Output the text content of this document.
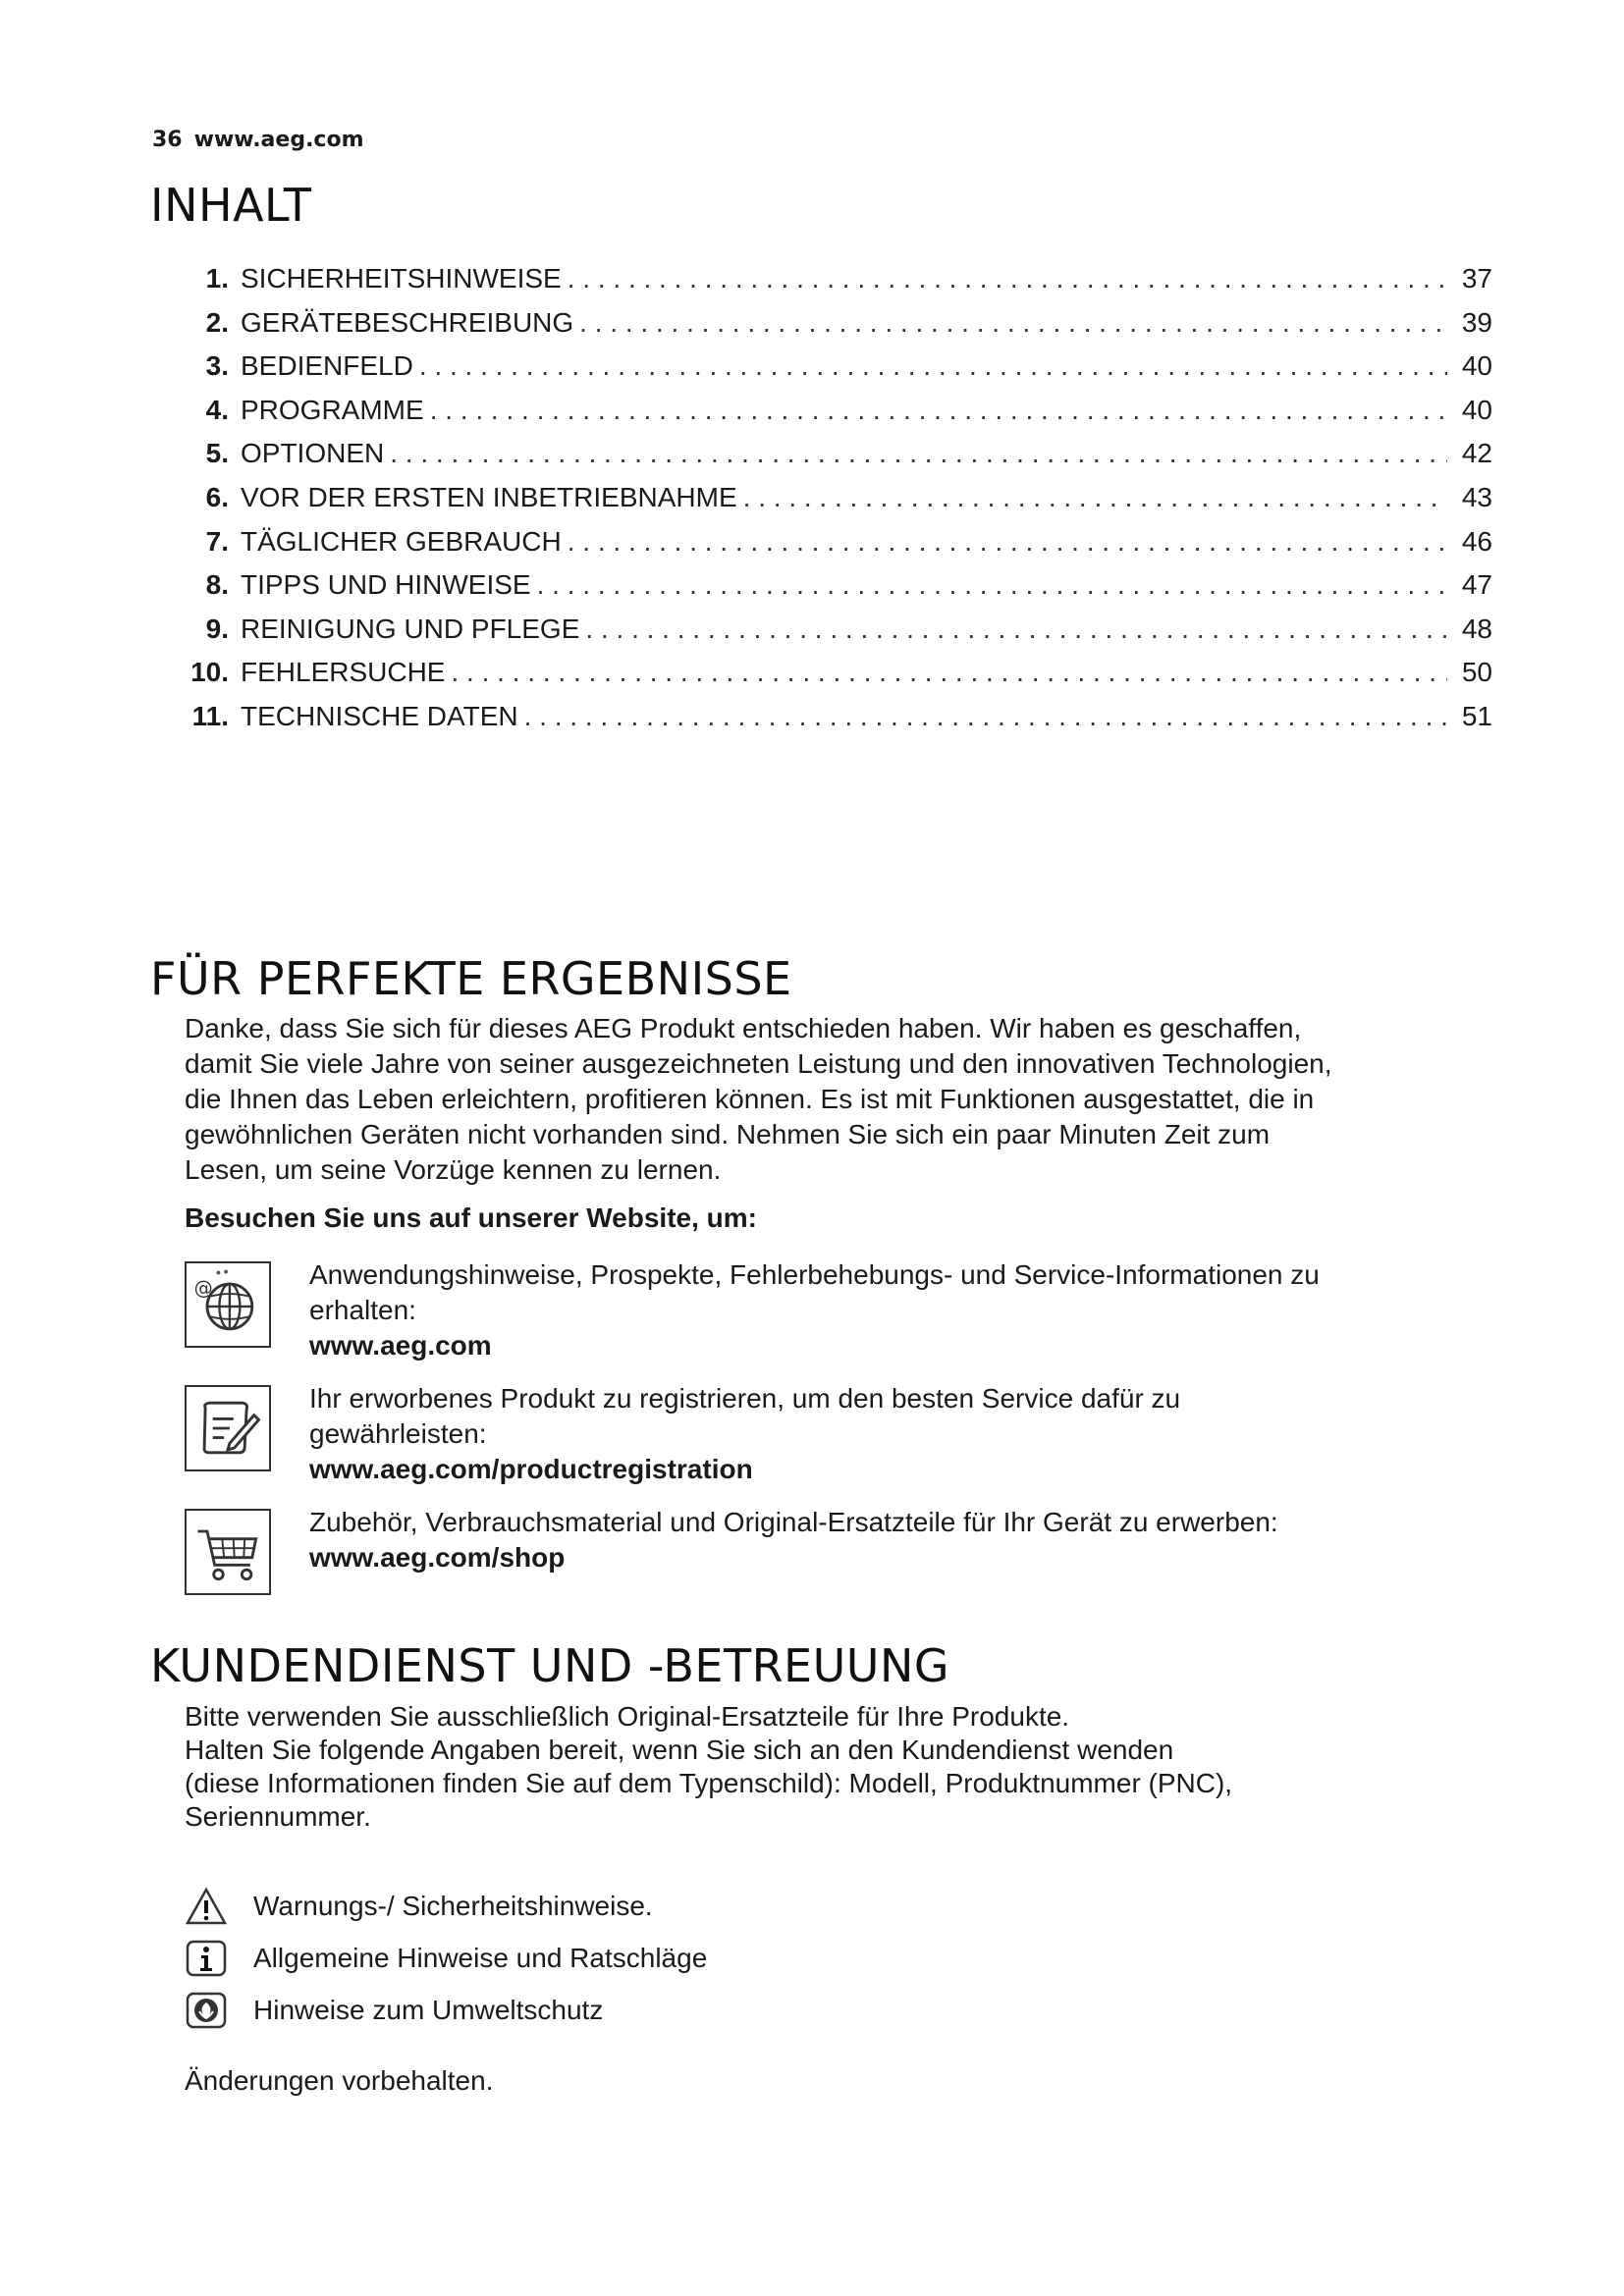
36 www.aeg.com
INHALT
1. SICHERHEITSHINWEISE . . .	37
2. GERÄTEBESCHREIBUNG . . .	39
3. BEDIENFELD . . .	40
4. PROGRAMME . . .	40
5. OPTIONEN . . .	42
6. VOR DER ERSTEN INBETRIEBNAHME . . .	43
7. TÄGLICHER GEBRAUCH . . .	46
8. TIPPS UND HINWEISE . . .	47
9. REINIGUNG UND PFLEGE . . .	48
10. FEHLERSUCHE . . .	50
11. TECHNISCHE DATEN . . .	51
FÜR PERFEKTE ERGEBNISSE
Danke, dass Sie sich für dieses AEG Produkt entschieden haben. Wir haben es geschaffen,
damit Sie viele Jahre von seiner ausgezeichneten Leistung und den innovativen Technologien,
die Ihnen das Leben erleichtern, profitieren können. Es ist mit Funktionen ausgestattet, die in
gewöhnlichen Geräten nicht vorhanden sind. Nehmen Sie sich ein paar Minuten Zeit zum
Lesen, um seine Vorzüge kennen zu lernen.
Besuchen Sie uns auf unserer Website, um:
@	Anwendungshinweise, Prospekte, Fehlerbehebungs- und Service-Informationen zu
erhalten:
www.aeg.com
Ihr erworbenes Produkt zu registrieren, um den besten Service dafür zu
gewährleisten:
www.aeg.com/productregistration
Zubehör, Verbrauchsmaterial und Original-Ersatzteile für Ihr Gerät zu erwerben:
www.aeg.com/shop
KUNDENDIENST UND -BETREUUNG
Bitte verwenden Sie ausschließlich Original-Ersatzteile für Ihre Produkte.
Halten Sie folgende Angaben bereit, wenn Sie sich an den Kundendienst wenden
(diese Informationen finden Sie auf dem Typenschild): Modell, Produktnummer (PNC),
Seriennummer.
Warnungs-/ Sicherheitshinweise.
Allgemeine Hinweise und Ratschläge
Hinweise zum Umweltschutz
Änderungen vorbehalten.
